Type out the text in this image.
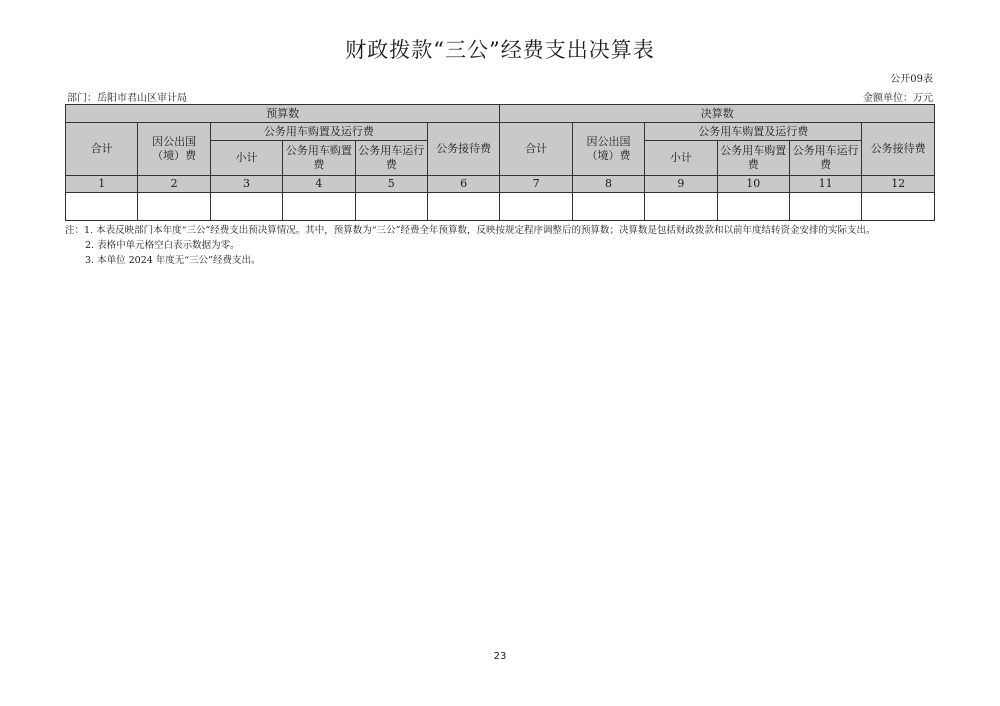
财政拨款“三公”经费支出决算表
公开09表
部门：岳阳市君山区审计局	金额单位：万元
预算数						决算数					
合计	因公出国（境）费	公务用车购置及运行费			公务接待费	合计	因公出国（境）费	公务用车购置及运行费			公务接待费
		小计	公务用车购置费	公务用车运行费				小计	公务用车购置费	公务用车运行费	
1	2	3	4	5	6	7	8	9	10	11	12

注：1. 本表反映部门本年度“三公”经费支出预决算情况。其中，预算数为“三公”经费全年预算数，反映按规定程序调整后的预算数；决算数是包括财政拨款和以前年度结转资金安排的实际支出。

2. 表格中单元格空白表示数据为零。

3. 本单位 2024 年度无“三公”经费支出。

23
